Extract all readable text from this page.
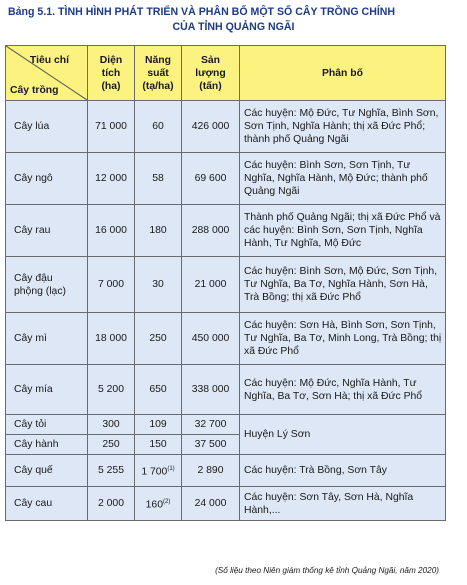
Bảng 5.1. TÌNH HÌNH PHÁT TRIỂN VÀ PHÂN BỐ MỘT SỐ CÂY TRỒNG CHÍNH
CỦA TỈNH QUẢNG NGÃI
Tiêu chí
Cây trồng	Diện tích (ha)	Năng suất (tạ/ha)	Sản lượng (tấn)	Phân bố
Cây lúa	71 000	60	426 000	Các huyện: Mộ Đức, Tư Nghĩa, Bình Sơn, Sơn Tịnh, Nghĩa Hành; thị xã Đức Phổ; thành phố Quảng Ngãi
Cây ngô	12 000	58	69 600	Các huyện: Bình Sơn, Sơn Tịnh, Tư Nghĩa, Nghĩa Hành, Mộ Đức; thành phố Quảng Ngãi
Cây rau	16 000	180	288 000	Thành phố Quảng Ngãi; thị xã Đức Phổ và các huyện: Bình Sơn, Sơn Tịnh, Nghĩa Hành, Tư Nghĩa, Mộ Đức
Cây đậu phộng (lạc)	7 000	30	21 000	Các huyện: Bình Sơn, Mộ Đức, Sơn Tịnh, Tư Nghĩa, Ba Tơ, Nghĩa Hành, Sơn Hà, Trà Bồng; thị xã Đức Phổ
Cây mì	18 000	250	450 000	Các huyện: Sơn Hà, Bình Sơn, Sơn Tịnh, Tư Nghĩa, Ba Tơ, Minh Long, Trà Bồng; thị xã Đức Phổ
Cây mía	5 200	650	338 000	Các huyện: Mộ Đức, Nghĩa Hành, Tư Nghĩa, Ba Tơ, Sơn Hà; thị xã Đức Phổ
Cây tỏi	300	109	32 700	Huyện Lý Sơn
Cây hành	250	150	37 500	
Cây quế	5 255	1 700$^{(1)}$	2 890	Các huyện: Trà Bồng, Sơn Tây
Cây cau	2 000	160$^{(2)}$	24 000	Các huyện: Sơn Tây, Sơn Hà, Nghĩa Hành,...
(Số liệu theo Niên giám thống kê tỉnh Quảng Ngãi, năm 2020)
